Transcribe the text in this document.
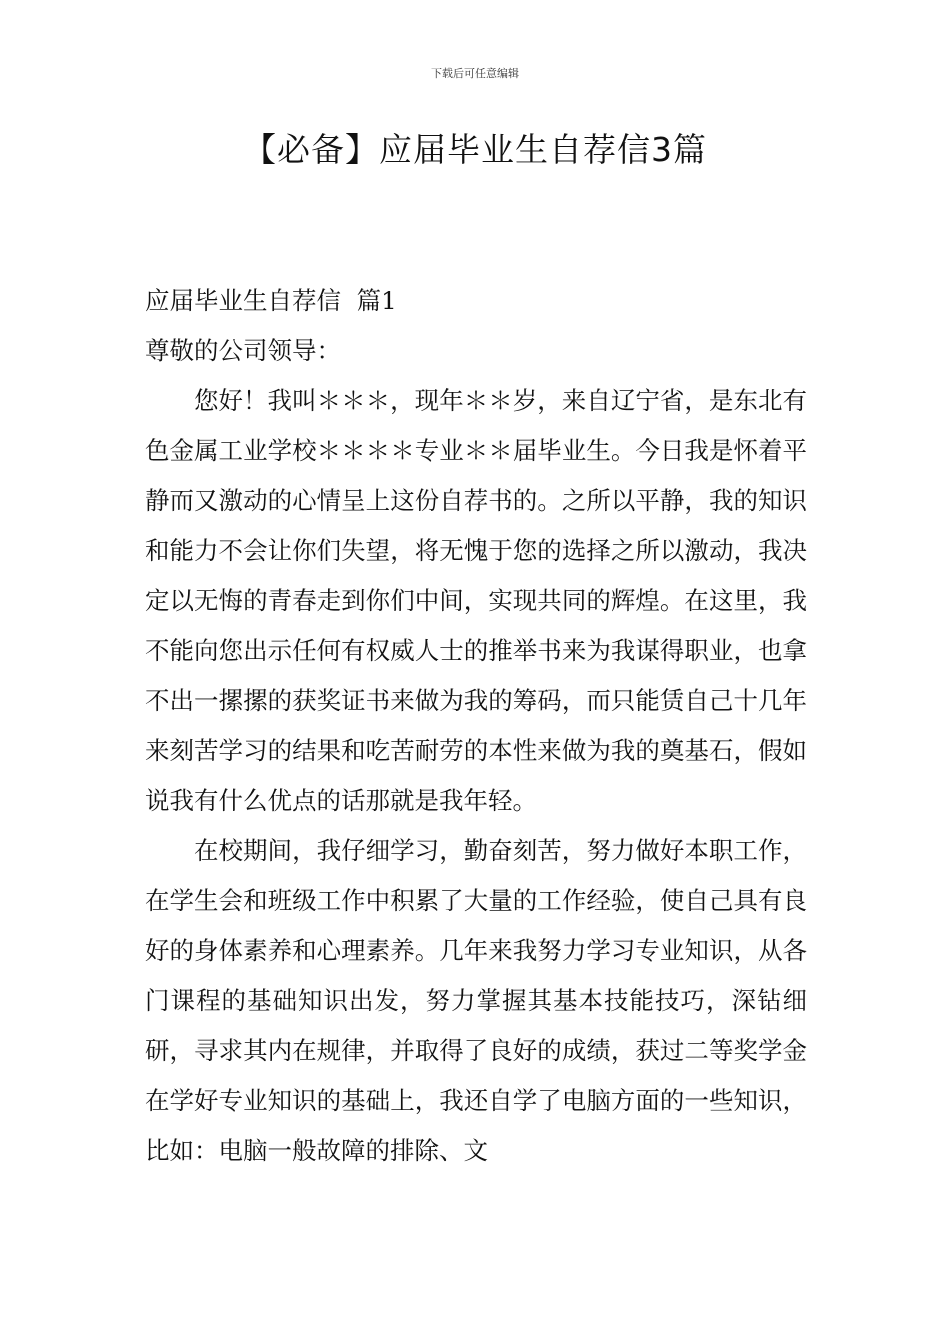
下载后可任意编辑
【必备】应届毕业生自荐信3篇

应届毕业生自荐信  篇1

尊敬的公司领导：

您好！我叫＊＊＊，现年＊＊岁，来自辽宁省，是东北有色金属工业学校＊＊＊＊专业＊＊届毕业生。今日我是怀着平静而又激动的心情呈上这份自荐书的。之所以平静，我的知识和能力不会让你们失望，将无愧于您的选择之所以激动，我决定以无悔的青春走到你们中间，实现共同的辉煌。在这里，我不能向您出示任何有权威人士的推举书来为我谋得职业，也拿不出一摞摞的获奖证书来做为我的筹码，而只能赁自己十几年来刻苦学习的结果和吃苦耐劳的本性来做为我的奠基石，假如说我有什么优点的话那就是我年轻。

在校期间，我仔细学习，勤奋刻苦，努力做好本职工作，在学生会和班级工作中积累了大量的工作经验，使自己具有良好的身体素养和心理素养。几年来我努力学习专业知识，从各门课程的基础知识出发，努力掌握其基本技能技巧，深钻细研，寻求其内在规律，并取得了良好的成绩，获过二等奖学金在学好专业知识的基础上，我还自学了电脑方面的一些知识，比如：电脑一般故障的排除、文
